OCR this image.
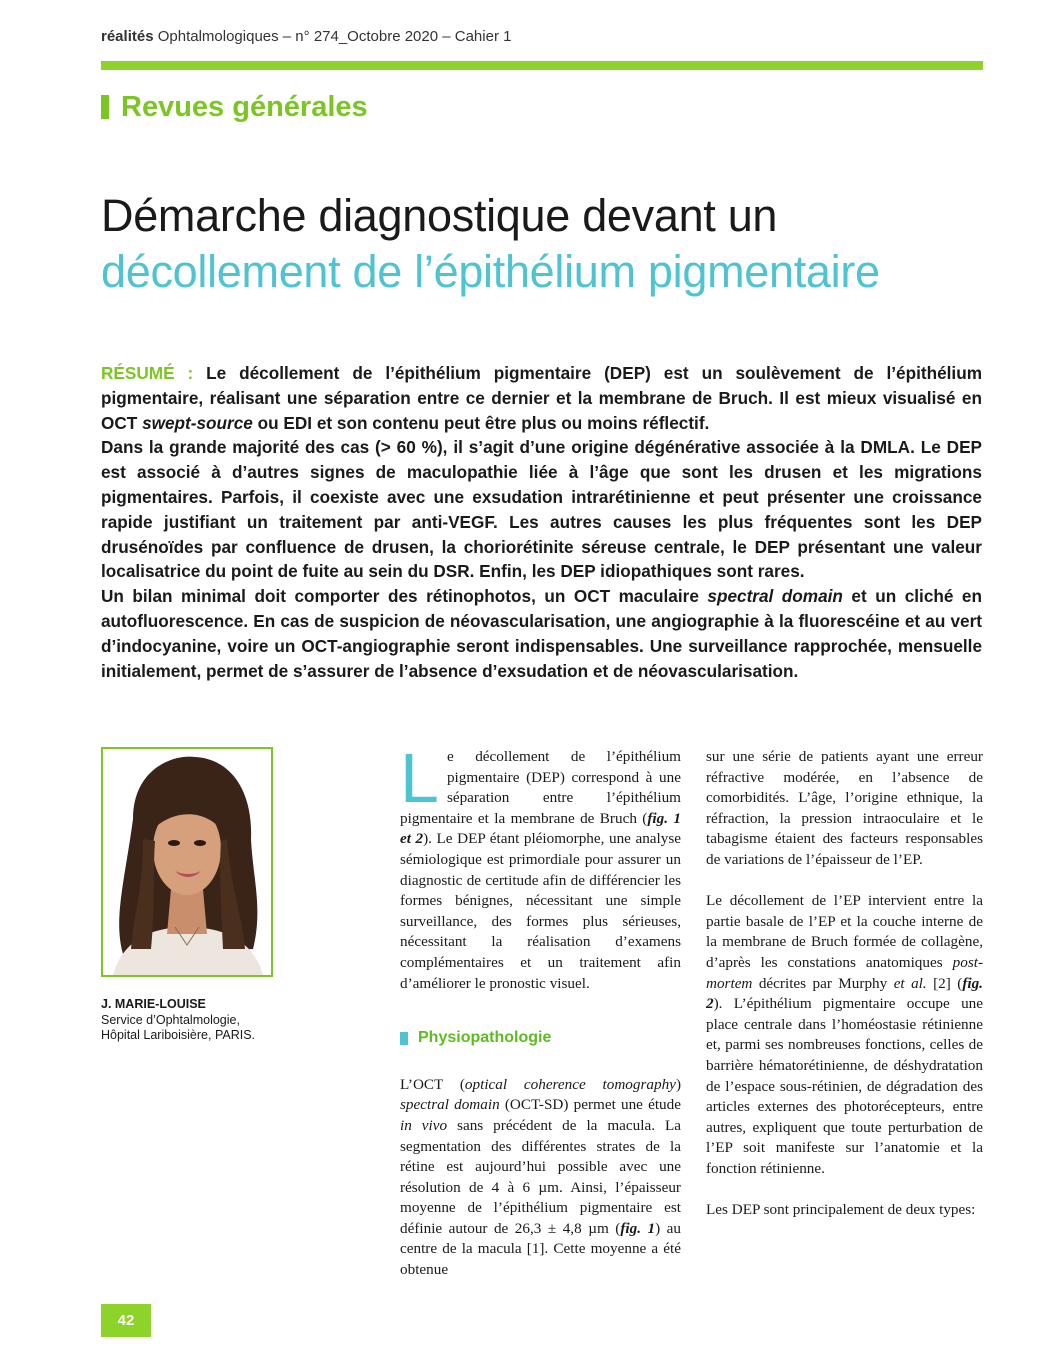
réalités Ophtalmologiques – n° 274_Octobre 2020 – Cahier 1
Revues générales
Démarche diagnostique devant un
décollement de l’épithélium pigmentaire

RÉSUMÉ : Le décollement de l’épithélium pigmentaire (DEP) est un soulèvement de l’épithélium pigmentaire, réalisant une séparation entre ce dernier et la membrane de Bruch. Il est mieux visualisé en OCT swept-source ou EDI et son contenu peut être plus ou moins réflectif.

Dans la grande majorité des cas (> 60 %), il s’agit d’une origine dégénérative associée à la DMLA. Le DEP est associé à d’autres signes de maculopathie liée à l’âge que sont les drusen et les migrations pigmentaires. Parfois, il coexiste avec une exsudation intrarétinienne et peut présenter une croissance rapide justifiant un traitement par anti-VEGF. Les autres causes les plus fréquentes sont les DEP drusénoïdes par confluence de drusen, la choriorétinite séreuse centrale, le DEP présentant une valeur localisatrice du point de fuite au sein du DSR. Enfin, les DEP idiopathiques sont rares.

Un bilan minimal doit comporter des rétinophotos, un OCT maculaire spectral domain et un cliché en autofluorescence. En cas de suspicion de néovascularisation, une angiographie à la fluorescéine et au vert d’indocyanine, voire un OCT-angiographie seront indispensables. Une surveillance rapprochée, mensuelle initialement, permet de s’assurer de l’absence d’exsudation et de néovascularisation.

J. MARIE-LOUISE
Service d’Ophtalmologie,
Hôpital Lariboisière, PARIS.

Le décollement de l’épithélium pigmentaire (DEP) correspond à une séparation entre l’épithélium pigmentaire et la membrane de Bruch (fig. 1 et 2). Le DEP étant pléiomorphe, une analyse sémiologique est primordiale pour assurer un diagnostic de certitude afin de différencier les formes bénignes, nécessitant une simple surveillance, des formes plus sérieuses, nécessitant la réalisation d’examens complémentaires et un traitement afin d’améliorer le pronostic visuel.

Physiopathologie

L’OCT (optical coherence tomography) spectral domain (OCT-SD) permet une étude in vivo sans précédent de la macula. La segmentation des différentes strates de la rétine est aujourd’hui possible avec une résolution de 4 à 6 µm. Ainsi, l’épaisseur moyenne de l’épithélium pigmentaire est définie autour de 26,3 ± 4,8 µm (fig. 1) au centre de la macula [1]. Cette moyenne a été obtenue

sur une série de patients ayant une erreur réfractive modérée, en l’absence de comorbidités. L’âge, l’origine ethnique, la réfraction, la pression intraoculaire et le tabagisme étaient des facteurs responsables de variations de l’épaisseur de l’EP.

Le décollement de l’EP intervient entre la partie basale de l’EP et la couche interne de la membrane de Bruch formée de collagène, d’après les constations anatomiques post-mortem décrites par Murphy et al. [2] (fig. 2). L’épithélium pigmentaire occupe une place centrale dans l’homéostasie rétinienne et, parmi ses nombreuses fonctions, celles de barrière hématorétinienne, de déshydratation de l’espace sous-rétinien, de dégradation des articles externes des photorécepteurs, entre autres, expliquent que toute perturbation de l’EP soit manifeste sur l’anatomie et la fonction rétinienne.

Les DEP sont principalement de deux types:

42
